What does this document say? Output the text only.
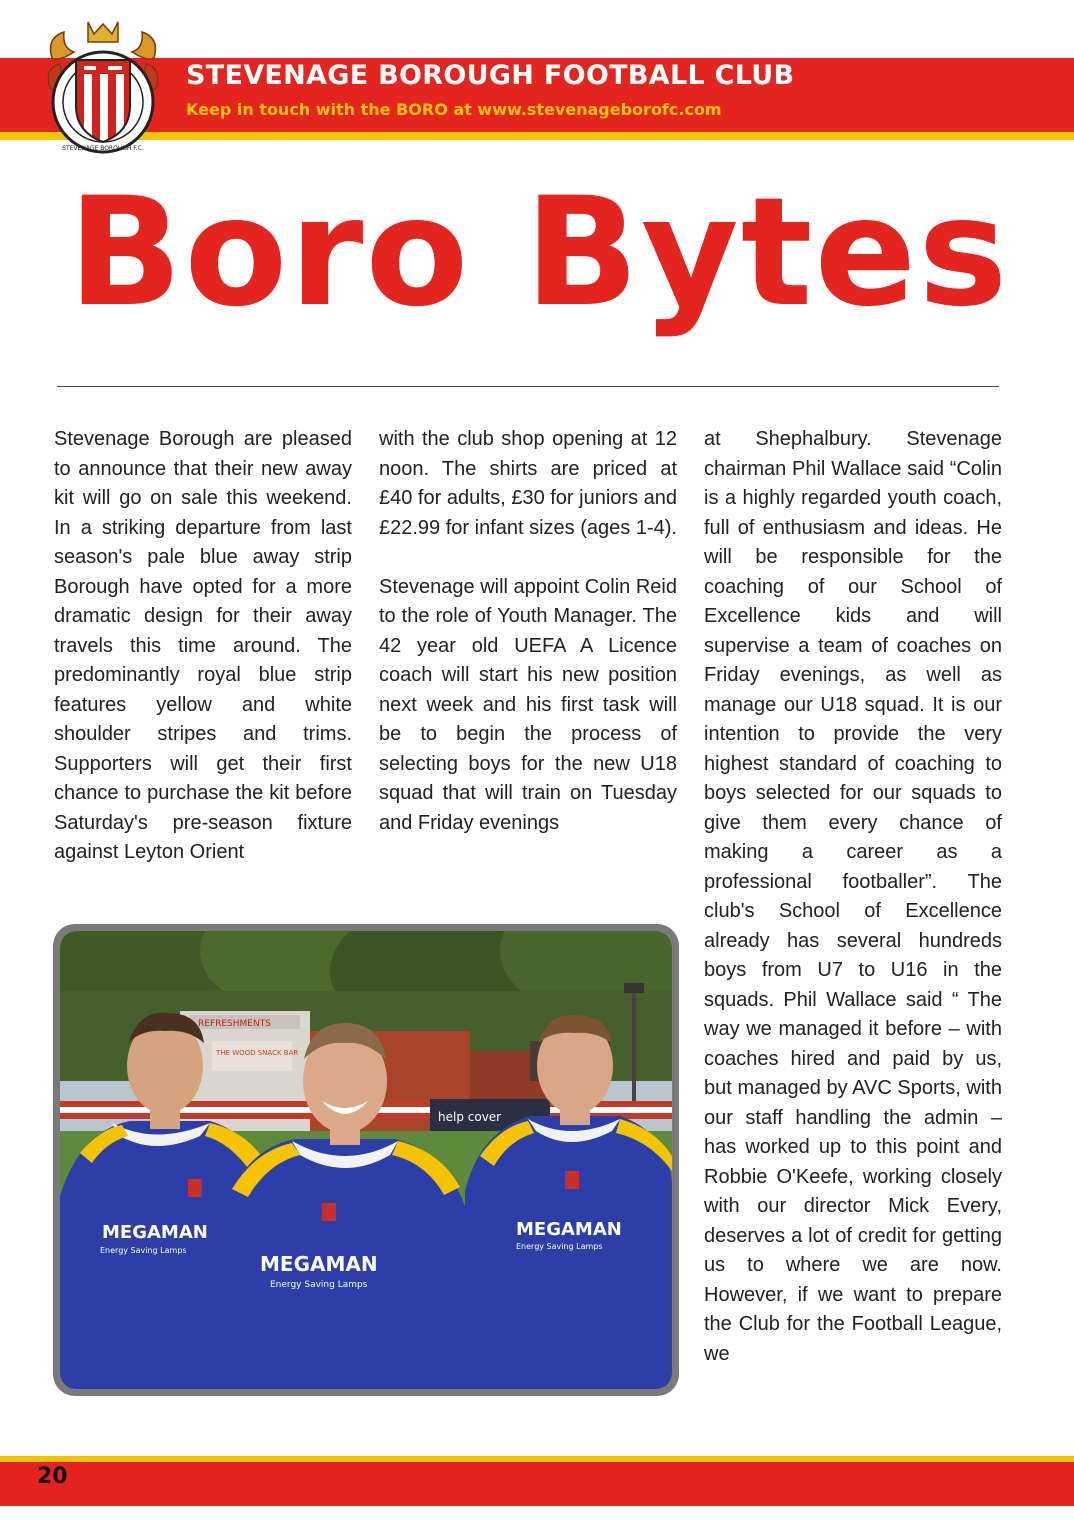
STEVENAGE BOROUGH F.C.
STEVENAGE BOROUGH FOOTBALL CLUB
Keep in touch with the BORO at www.stevenageborofc.com
Boro Bytes

Stevenage Borough are pleased to announce that their new away kit will go on sale this weekend. In a striking departure from last season's pale blue away strip Borough have opted for a more dramatic design for their away travels this time around. The predominantly royal blue strip features yellow and white shoulder stripes and trims. Supporters will get their first chance to purchase the kit before Saturday's pre-season fixture against Leyton Orient

with the club shop opening at 12 noon. The shirts are priced at £40 for adults, £30 for juniors and £22.99 for infant sizes (ages 1-4).

Stevenage will appoint Colin Reid to the role of Youth Manager. The 42 year old UEFA A Licence coach will start his new position next week and his first task will be to begin the process of selecting boys for the new U18 squad that will train on Tuesday and Friday evenings

at Shephalbury. Stevenage chairman Phil Wallace said “Colin is a highly regarded youth coach, full of enthusiasm and ideas. He will be responsible for the coaching of our School of Excellence kids and will supervise a team of coaches on Friday evenings, as well as manage our U18 squad. It is our intention to provide the very highest standard of coaching to boys selected for our squads to give them every chance of making a career as a professional footballer”. The club's School of Excellence already has several hundreds boys from U7 to U16 in the squads. Phil Wallace said “ The way we managed it before – with coaches hired and paid by us, but managed by AVC Sports, with our staff handling the admin – has worked up to this point and Robbie O'Keefe, working closely with our director Mick Every, deserves a lot of credit for getting us to where we are now. However, if we want to prepare the Club for the Football League, we

REFRESHMENTS
THE WOOD SNACK BAR
help cover
MEGAMAN
Energy Saving Lamps
MEGAMAN
Energy Saving Lamps
MEGAMAN
Energy Saving Lamps
20
